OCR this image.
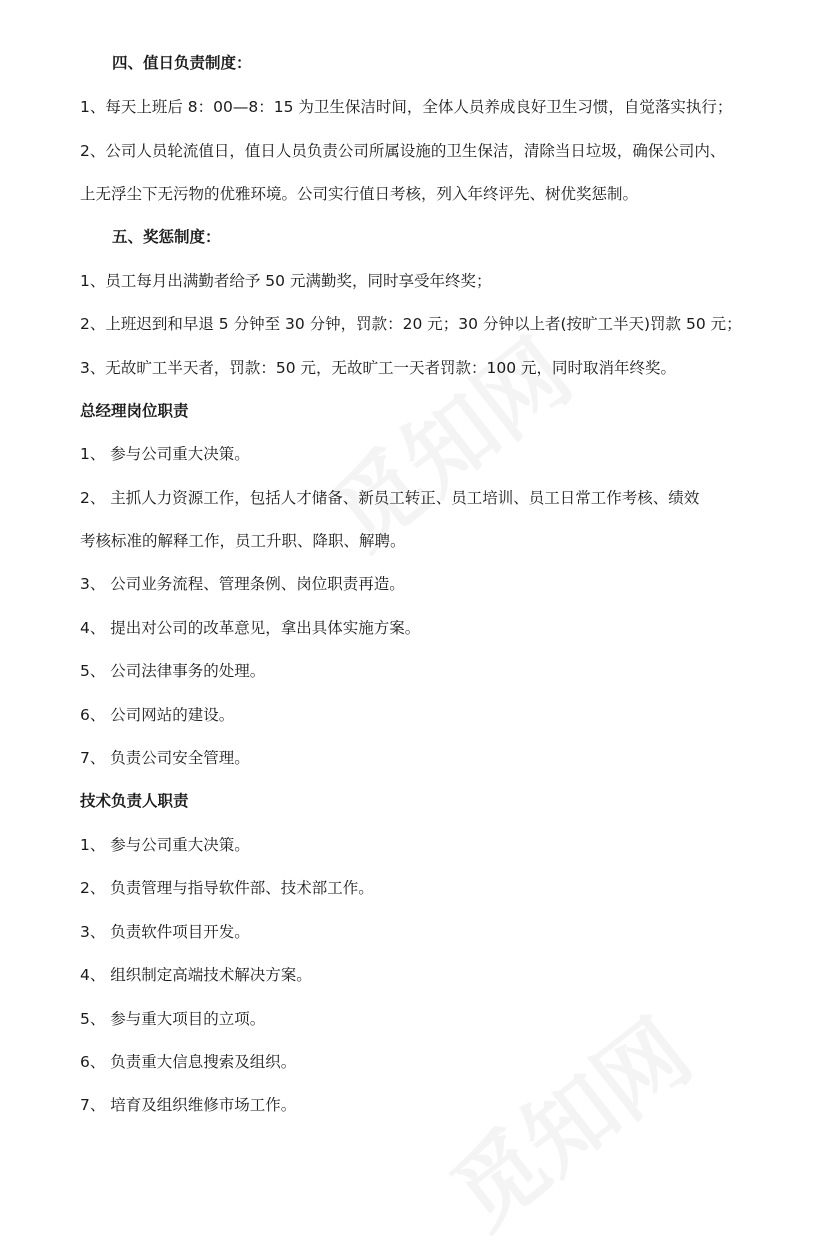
四、值日负责制度：
1、每天上班后 8：00—8：15 为卫生保洁时间，全体人员养成良好卫生习惯，自觉落实执行；
2、公司人员轮流值日，值日人员负责公司所属设施的卫生保洁，清除当日垃圾，确保公司内、
上无浮尘下无污物的优雅环境。公司实行值日考核，列入年终评先、树优奖惩制。
五、奖惩制度：
1、员工每月出满勤者给予 50 元满勤奖，同时享受年终奖；
2、上班迟到和早退 5 分钟至 30 分钟，罚款：20 元；30 分钟以上者(按旷工半天)罚款 50 元；
3、无故旷工半天者，罚款：50 元，无故旷工一天者罚款：100 元，同时取消年终奖。
总经理岗位职责
1、 参与公司重大决策。
2、 主抓人力资源工作，包括人才储备、新员工转正、员工培训、员工日常工作考核、绩效
考核标准的解释工作，员工升职、降职、解聘。
3、 公司业务流程、管理条例、岗位职责再造。
4、 提出对公司的改革意见，拿出具体实施方案。
5、 公司法律事务的处理。
6、 公司网站的建设。
7、 负责公司安全管理。
技术负责人职责
1、 参与公司重大决策。
2、 负责管理与指导软件部、技术部工作。
3、 负责软件项目开发。
4、 组织制定高端技术解决方案。
5、 参与重大项目的立项。
6、 负责重大信息搜索及组织。
7、 培育及组织维修市场工作。
